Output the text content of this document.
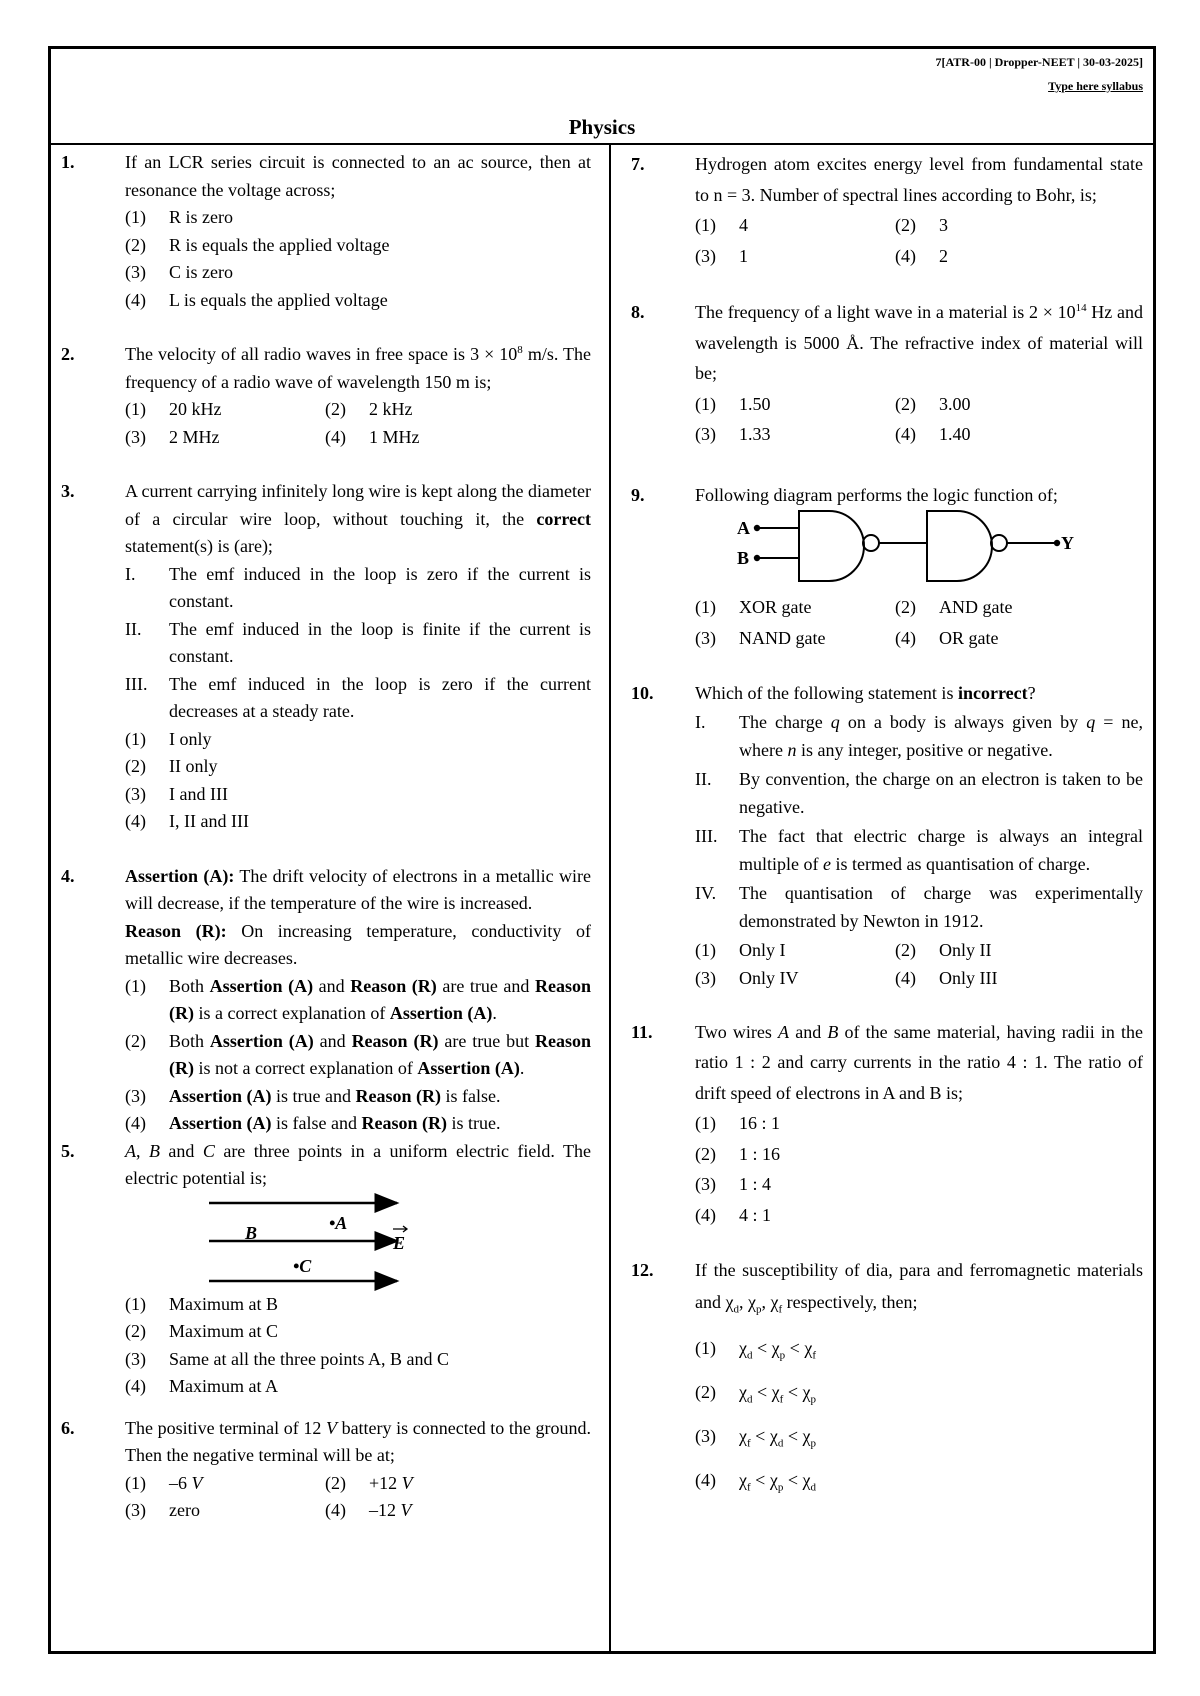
7[ATR-00 | Dropper-NEET | 30-03-2025]
Type here syllabus
Physics
1.	If an LCR series circuit is connected to an ac source, then at resonance the voltage across;
(1)	R is zero
(2)	R is equals the applied voltage
(3)	C is zero
(4)	L is equals the applied voltage
2.	The velocity of all radio waves in free space is $3 \times 10^8$ m/s. The frequency of a radio wave of wavelength 150 m is;
(1)	20 kHz	(2)	2 kHz
(3)	2 MHz	(4)	1 MHz
3.	A current carrying infinitely long wire is kept along the diameter of a circular wire loop, without touching it, the correct statement(s) is (are);
I.	The emf induced in the loop is zero if the current is constant.
II.	The emf induced in the loop is finite if the current is constant.
III.	The emf induced in the loop is zero if the current decreases at a steady rate.
(1)	I only
(2)	II only
(3)	I and III
(4)	I, II and III
4.	Assertion (A): The drift velocity of electrons in a metallic wire will decrease, if the temperature of the wire is increased.
Reason (R): On increasing temperature, conductivity of metallic wire decreases.
(1)	Both Assertion (A) and Reason (R) are true and Reason (R) is a correct explanation of Assertion (A).
(2)	Both Assertion (A) and Reason (R) are true but Reason (R) is not a correct explanation of Assertion (A).
(3)	Assertion (A) is true and Reason (R) is false.
(4)	Assertion (A) is false and Reason (R) is true.
5.	A, B and C are three points in a uniform electric field. The electric potential is;
•A
B
•C
E
(1)	Maximum at B
(2)	Maximum at C
(3)	Same at all the three points A, B and C
(4)	Maximum at A
6.	The positive terminal of 12 V battery is connected to the ground. Then the negative terminal will be at;
(1)	–6 V	(2)	+12 V
(3)	zero	(4)	–12 V
7.	Hydrogen atom excites energy level from fundamental state to n = 3. Number of spectral lines according to Bohr, is;
(1)	4	(2)	3
(3)	1	(4)	2
8.	The frequency of a light wave in a material is $2 \times 10^{14}$ Hz and wavelength is 5000 Å. The refractive index of material will be;
(1)	1.50	(2)	3.00
(3)	1.33	(4)	1.40
9.	Following diagram performs the logic function of;
A
B
Y
(1)	XOR gate	(2)	AND gate
(3)	NAND gate	(4)	OR gate
10. Which of the following statement is incorrect?
I.	The charge q on a body is always given by q = ne, where n is any integer, positive or negative.
II.	By convention, the charge on an electron is taken to be negative.
III.	The fact that electric charge is always an integral multiple of e is termed as quantisation of charge.
IV.	The quantisation of charge was experimentally demonstrated by Newton in 1912.
(1)	Only I	(2)	Only II
(3)	Only IV	(4)	Only III
11. Two wires A and B of the same material, having radii in the ratio 1 : 2 and carry currents in the ratio 4 : 1. The ratio of drift speed of electrons in A and B is;
(1)	16 : 1
(2)	1 : 16
(3)	1 : 4
(4)	4 : 1
12. If the susceptibility of dia, para and ferromagnetic materials and $\chi_d$, $\chi_p$, $\chi_f$ respectively, then;
(1)	$\chi_d < \chi_p < \chi_f$
(2)	$\chi_d < \chi_f < \chi_p$
(3)	$\chi_f < \chi_d < \chi_p$
(4)	$\chi_f < \chi_p < \chi_d$
